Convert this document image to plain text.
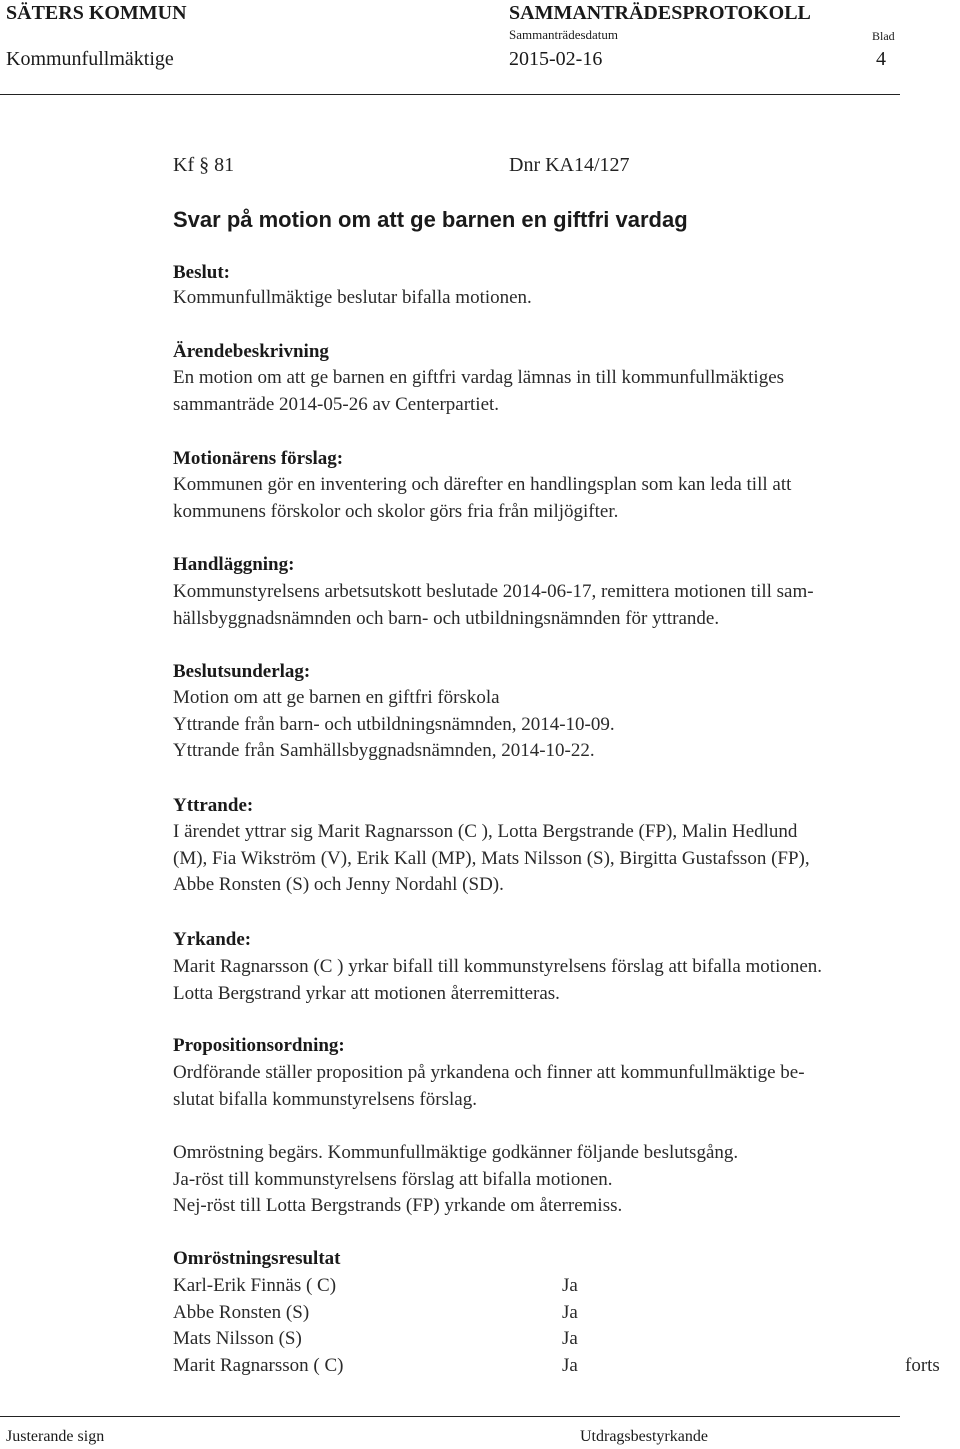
SÄTERS KOMMUN	SAMMANTRÄDESPROTOKOLL
Sammanträdesdatum	Blad
Kommunfullmäktige	2015-02-16	4
Kf § 81	Dnr KA14/127
Svar på motion om att ge barnen en giftfri vardag
Beslut:
Kommunfullmäktige beslutar bifalla motionen.
Ärendebeskrivning
En motion om att ge barnen en giftfri vardag lämnas in till kommunfullmäktiges
sammanträde 2014-05-26 av Centerpartiet.
Motionärens förslag:
Kommunen gör en inventering och därefter en handlingsplan som kan leda till att
kommunens förskolor och skolor görs fria från miljögifter.
Handläggning:
Kommunstyrelsens arbetsutskott beslutade 2014-06-17, remittera motionen till sam-
hällsbyggnadsnämnden och barn- och utbildningsnämnden för yttrande.
Beslutsunderlag:
Motion om att ge barnen en giftfri förskola
Yttrande från barn- och utbildningsnämnden, 2014-10-09.
Yttrande från Samhällsbyggnadsnämnden, 2014-10-22.
Yttrande:
I ärendet yttrar sig Marit Ragnarsson (C ), Lotta Bergstrande (FP), Malin Hedlund
(M), Fia Wikström (V), Erik Kall (MP), Mats Nilsson (S), Birgitta Gustafsson (FP),
Abbe Ronsten (S) och Jenny Nordahl (SD).
Yrkande:
Marit Ragnarsson (C ) yrkar bifall till kommunstyrelsens förslag att bifalla motionen.
Lotta Bergstrand yrkar att motionen återremitteras.
Propositionsordning:
Ordförande ställer proposition på yrkandena och finner att kommunfullmäktige be-
slutat bifalla kommunstyrelsens förslag.
Omröstning begärs. Kommunfullmäktige godkänner följande beslutsgång.
Ja-röst till kommunstyrelsens förslag att bifalla motionen.
Nej-röst till Lotta Bergstrands (FP) yrkande om återremiss.
Omröstningsresultat
Karl-Erik Finnäs ( C)	Ja
Abbe Ronsten (S)	Ja
Mats Nilsson (S)	Ja
Marit Ragnarsson ( C)	Ja	forts
Justerande sign	Utdragsbestyrkande
